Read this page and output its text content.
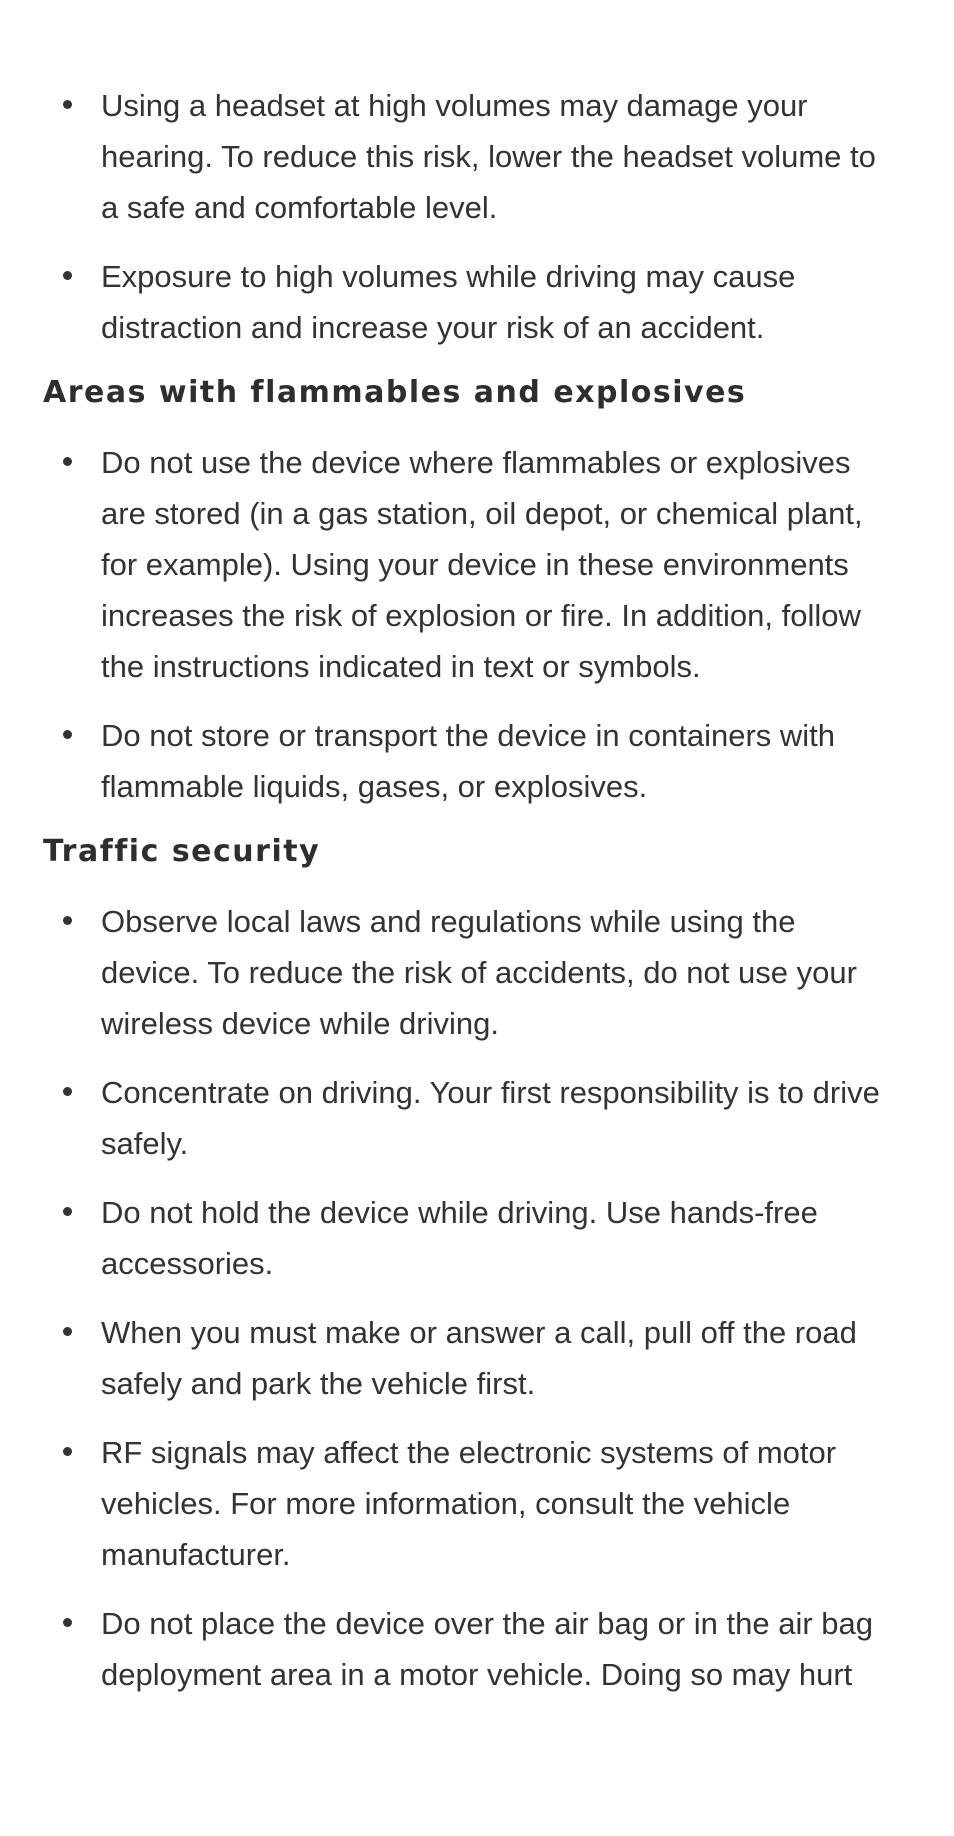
Using a headset at high volumes may damage your hearing. To reduce this risk, lower the headset volume to a safe and comfortable level.
Exposure to high volumes while driving may cause distraction and increase your risk of an accident.
Areas with flammables and explosives
Do not use the device where flammables or explosives are stored (in a gas station, oil depot, or chemical plant, for example). Using your device in these environments increases the risk of explosion or fire. In addition, follow the instructions indicated in text or symbols.
Do not store or transport the device in containers with flammable liquids, gases, or explosives.
Traffic security
Observe local laws and regulations while using the device. To reduce the risk of accidents, do not use your wireless device while driving.
Concentrate on driving. Your first responsibility is to drive safely.
Do not hold the device while driving. Use hands-free accessories.
When you must make or answer a call, pull off the road safely and park the vehicle first.
RF signals may affect the electronic systems of motor vehicles. For more information, consult the vehicle manufacturer.
Do not place the device over the air bag or in the air bag deployment area in a motor vehicle. Doing so may hurt
